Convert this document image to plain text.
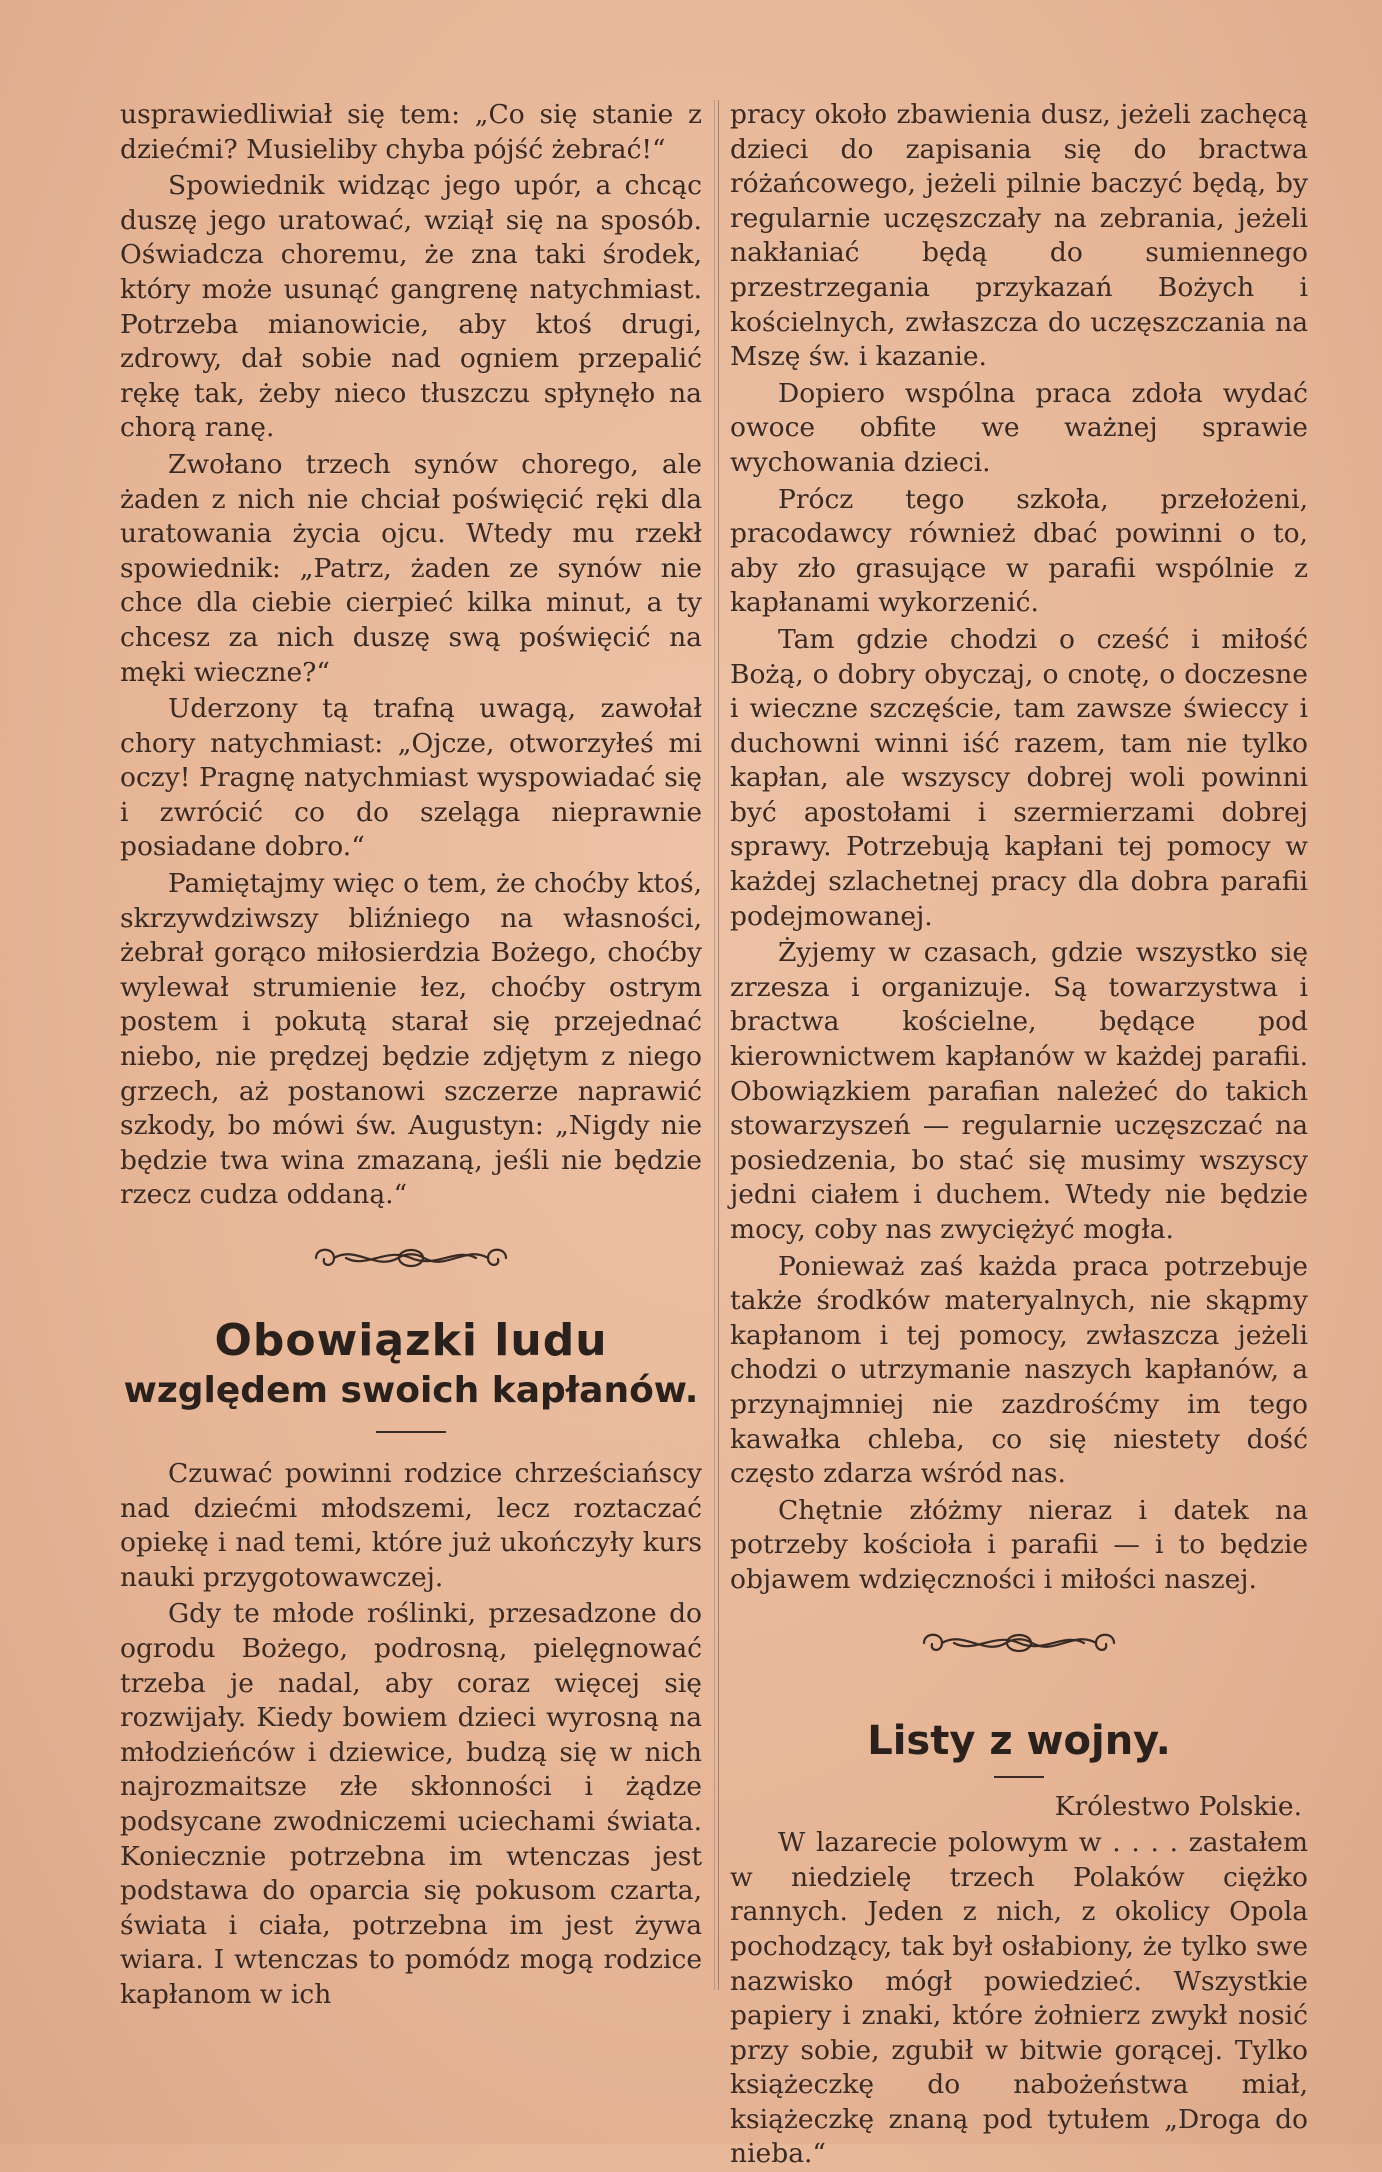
usprawiedliwiał się tem: „Co się stanie z dziećmi? Musieliby chyba pójść żebrać!“

Spowiednik widząc jego upór, a chcąc duszę jego uratować, wziął się na sposób. Oświadcza choremu, że zna taki środek, który może usunąć gangrenę natychmiast. Potrzeba mianowicie, aby ktoś drugi, zdrowy, dał sobie nad ogniem przepalić rękę tak, żeby nieco tłuszczu spłynęło na chorą ranę.

Zwołano trzech synów chorego, ale żaden z nich nie chciał poświęcić ręki dla uratowania życia ojcu. Wtedy mu rzekł spowiednik: „Patrz, żaden ze synów nie chce dla ciebie cierpieć kilka minut, a ty chcesz za nich duszę swą poświęcić na męki wieczne?“

Uderzony tą trafną uwagą, zawołał chory natychmiast: „Ojcze, otworzyłeś mi oczy! Pragnę natychmiast wyspowiadać się i zwrócić co do szeląga nieprawnie posiadane dobro.“

Pamiętajmy więc o tem, że choćby ktoś, skrzywdziwszy bliźniego na własności, żebrał gorąco miłosierdzia Bożego, choćby wylewał strumienie łez, choćby ostrym postem i pokutą starał się przejednać niebo, nie prędzej będzie zdjętym z niego grzech, aż postanowi szczerze naprawić szkody, bo mówi św. Augustyn: „Nigdy nie będzie twa wina zmazaną, jeśli nie będzie rzecz cudza oddaną.“

Obowiązki ludu
względem swoich kapłanów.

Czuwać powinni rodzice chrześciańscy nad dziećmi młodszemi, lecz roztaczać opiekę i nad temi, które już ukończyły kurs nauki przygotowawczej.

Gdy te młode roślinki, przesadzone do ogrodu Bożego, podrosną, pielęgnować trzeba je nadal, aby coraz więcej się rozwijały. Kiedy bowiem dzieci wyrosną na młodzieńców i dziewice, budzą się w nich najrozmaitsze złe skłonności i żądze podsycane zwodniczemi uciechami świata. Koniecznie potrzebna im wtenczas jest podstawa do oparcia się pokusom czarta, świata i ciała, potrzebna im jest żywa wiara. I wtenczas to pomódz mogą rodzice kapłanom w ich

pracy około zbawienia dusz, jeżeli zachęcą dzieci do zapisania się do bractwa różańcowego, jeżeli pilnie baczyć będą, by regularnie uczęszczały na zebrania, jeżeli nakłaniać będą do sumiennego przestrzegania przykazań Bożych i kościelnych, zwłaszcza do uczęszczania na Mszę św. i kazanie.

Dopiero wspólna praca zdoła wydać owoce obfite we ważnej sprawie wychowania dzieci.

Prócz tego szkoła, przełożeni, pracodawcy również dbać powinni o to, aby zło grasujące w parafii wspólnie z kapłanami wykorzenić.

Tam gdzie chodzi o cześć i miłość Bożą, o dobry obyczaj, o cnotę, o doczesne i wieczne szczęście, tam zawsze świeccy i duchowni winni iść razem, tam nie tylko kapłan, ale wszyscy dobrej woli powinni być apostołami i szermierzami dobrej sprawy. Potrzebują kapłani tej pomocy w każdej szlachetnej pracy dla dobra parafii podejmowanej.

Żyjemy w czasach, gdzie wszystko się zrzesza i organizuje. Są towarzystwa i bractwa kościelne, będące pod kierownictwem kapłanów w każdej parafii. Obowiązkiem parafian należeć do takich stowarzyszeń — regularnie uczęszczać na posiedzenia, bo stać się musimy wszyscy jedni ciałem i duchem. Wtedy nie będzie mocy, coby nas zwyciężyć mogła.

Ponieważ zaś każda praca potrzebuje także środków materyalnych, nie skąpmy kapłanom i tej pomocy, zwłaszcza jeżeli chodzi o utrzymanie naszych kapłanów, a przynajmniej nie zazdrośćmy im tego kawałka chleba, co się niestety dość często zdarza wśród nas.

Chętnie złóżmy nieraz i datek na potrzeby kościoła i parafii — i to będzie objawem wdzięczności i miłości naszej.

Listy z wojny.
Królestwo Polskie.

W lazarecie polowym w . . . . zastałem w niedzielę trzech Polaków ciężko rannych. Jeden z nich, z okolicy Opola pochodzący, tak był osłabiony, że tylko swe nazwisko mógł powiedzieć. Wszystkie papiery i znaki, które żołnierz zwykł nosić przy sobie, zgubił w bitwie gorącej. Tylko książeczkę do nabożeństwa miał, książeczkę znaną pod tytułem „Droga do nieba.“
